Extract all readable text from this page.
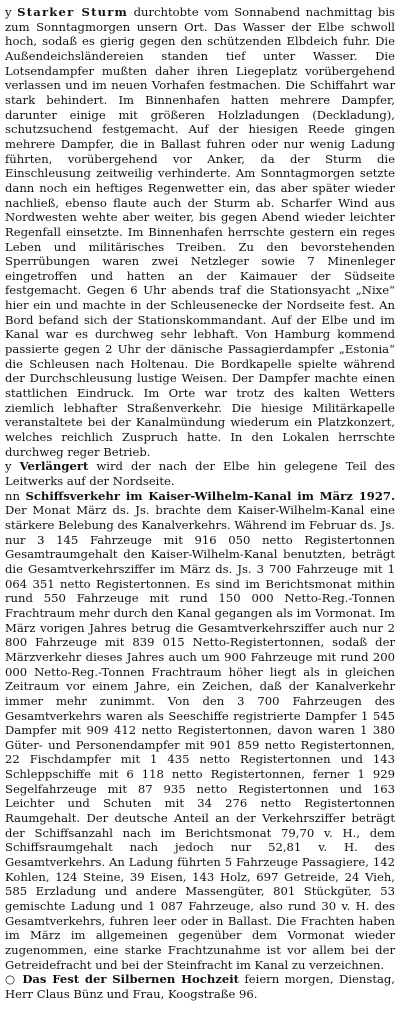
y Starker Sturm durchtobte vom Sonnabend nachmittag bis zum Sonntagmorgen unsern Ort. Das Wasser der Elbe schwoll hoch, sodaß es gierig gegen den schützenden Elbdeich fuhr. Die Außendeichsländereien standen tief unter Wasser. Die Lotsendampfer mußten daher ihren Liegeplatz vorübergehend verlassen und im neuen Vorhafen festmachen. Die Schiffahrt war stark behindert. Im Binnenhafen hatten mehrere Dampfer, darunter einige mit größeren Holzladungen (Deckladung), schutzsuchend festgemacht. Auf der hiesigen Reede gingen mehrere Dampfer, die in Ballast fuhren oder nur wenig Ladung führten, vorübergehend vor Anker, da der Sturm die Einschleusung zeitweilig verhinderte. Am Sonntagmorgen setzte dann noch ein heftiges Regenwetter ein, das aber später wieder nachließ, ebenso flaute auch der Sturm ab. Scharfer Wind aus Nordwesten wehte aber weiter, bis gegen Abend wieder leichter Regenfall einsetzte. Im Binnenhafen herrschte gestern ein reges Leben und militärisches Treiben. Zu den bevorstehenden Sperrübungen waren zwei Netzleger sowie 7 Minenleger eingetroffen und hatten an der Kaimauer der Südseite festgemacht. Gegen 6 Uhr abends traf die Stationsyacht „Nixe“ hier ein und machte in der Schleusenecke der Nordseite fest. An Bord befand sich der Stationskommandant. Auf der Elbe und im Kanal war es durchweg sehr lebhaft. Von Hamburg kommend passierte gegen 2 Uhr der dänische Passagierdampfer „Estonia“ die Schleusen nach Holtenau. Die Bordkapelle spielte während der Durchschleusung lustige Weisen. Der Dampfer machte einen stattlichen Eindruck. Im Orte war trotz des kalten Wetters ziemlich lebhafter Straßenverkehr. Die hiesige Militärkapelle veranstaltete bei der Kanalmündung wiederum ein Platzkonzert, welches reichlich Zuspruch hatte. In den Lokalen herrschte durchweg reger Betrieb.

y Verlängert wird der nach der Elbe hin gelegene Teil des Leitwerks auf der Nordseite.

nn Schiffsverkehr im Kaiser-Wilhelm-Kanal im März 1927. Der Monat März ds. Js. brachte dem Kaiser-Wilhelm-Kanal eine stärkere Belebung des Kanalverkehrs. Während im Februar ds. Js. nur 3 145 Fahrzeuge mit 916 050 netto Registertonnen Gesamtraumgehalt den Kaiser-Wilhelm-Kanal benutzten, beträgt die Gesamtverkehrsziffer im März ds. Js. 3 700 Fahrzeuge mit 1 064 351 netto Registertonnen. Es sind im Berichtsmonat mithin rund 550 Fahrzeuge mit rund 150 000 Netto-Reg.-Tonnen Frachtraum mehr durch den Kanal gegangen als im Vormonat. Im März vorigen Jahres betrug die Gesamtverkehrsziffer auch nur 2 800 Fahrzeuge mit 839 015 Netto-Registertonnen, sodaß der Märzverkehr dieses Jahres auch um 900 Fahrzeuge mit rund 200 000 Netto-Reg.-Tonnen Frachtraum höher liegt als in gleichen Zeitraum vor einem Jahre, ein Zeichen, daß der Kanalverkehr immer mehr zunimmt. Von den 3 700 Fahrzeugen des Gesamtverkehrs waren als Seeschiffe registrierte Dampfer 1 545 Dampfer mit 909 412 netto Registertonnen, davon waren 1 380 Güter- und Personendampfer mit 901 859 netto Registertonnen, 22 Fischdampfer mit 1 435 netto Registertonnen und 143 Schleppschiffe mit 6 118 netto Registertonnen, ferner 1 929 Segelfahrzeuge mit 87 935 netto Registertonnen und 163 Leichter und Schuten mit 34 276 netto Registertonnen Raumgehalt. Der deutsche Anteil an der Verkehrsziffer beträgt der Schiffsanzahl nach im Berichtsmonat 79,70 v. H., dem Schiffsraumgehalt nach jedoch nur 52,81 v. H. des Gesamtverkehrs. An Ladung führten 5 Fahrzeuge Passagiere, 142 Kohlen, 124 Steine, 39 Eisen, 143 Holz, 697 Getreide, 24 Vieh, 585 Erzladung und andere Massengüter, 801 Stückgüter, 53 gemischte Ladung und 1 087 Fahrzeuge, also rund 30 v. H. des Gesamtverkehrs, fuhren leer oder in Ballast. Die Frachten haben im März im allgemeinen gegenüber dem Vormonat wieder zugenommen, eine starke Frachtzunahme ist vor allem bei der Getreidefracht und bei der Steinfracht im Kanal zu verzeichnen.

○ Das Fest der Silbernen Hochzeit feiern morgen, Dienstag, Herr Claus Bünz und Frau, Koogstraße 96.
